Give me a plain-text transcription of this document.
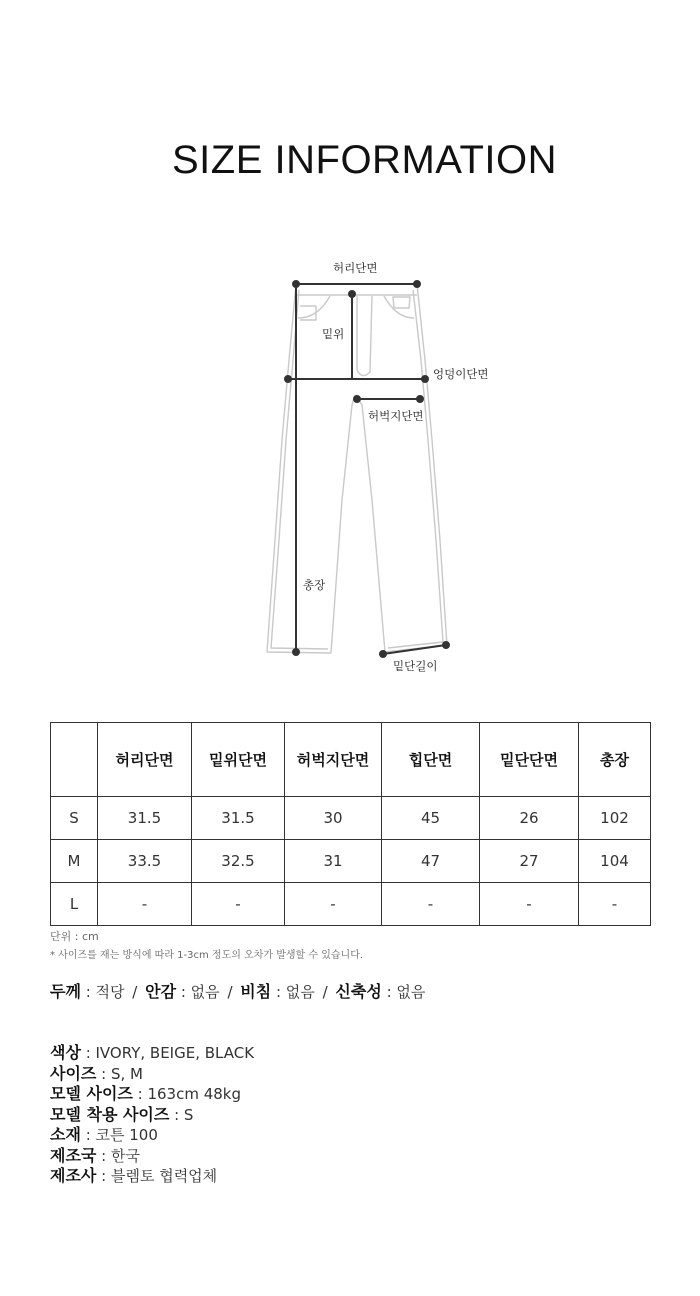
SIZE INFORMATION
허리단면
밑위
엉덩이단면
허벅지단면
총장
밑단길이
	허리단면	밑위단면	허벅지단면	힙단면	밑단단면	총장
S	31.5	31.5	30	45	26	102
M	33.5	32.5	31	47	27	104
L	-	-	-	-	-	-
단위 : cm
* 사이즈를 재는 방식에 따라 1-3cm 정도의 오차가 발생할 수 있습니다.
두께 : 적당 / 안감 : 없음 / 비침 : 없음 / 신축성 : 없음
색상 : IVORY, BEIGE, BLACK
사이즈 : S, M
모델 사이즈 : 163cm 48kg
모델 착용 사이즈 : S
소재 : 코튼 100
제조국 : 한국
제조사 : 블렘토 협력업체
